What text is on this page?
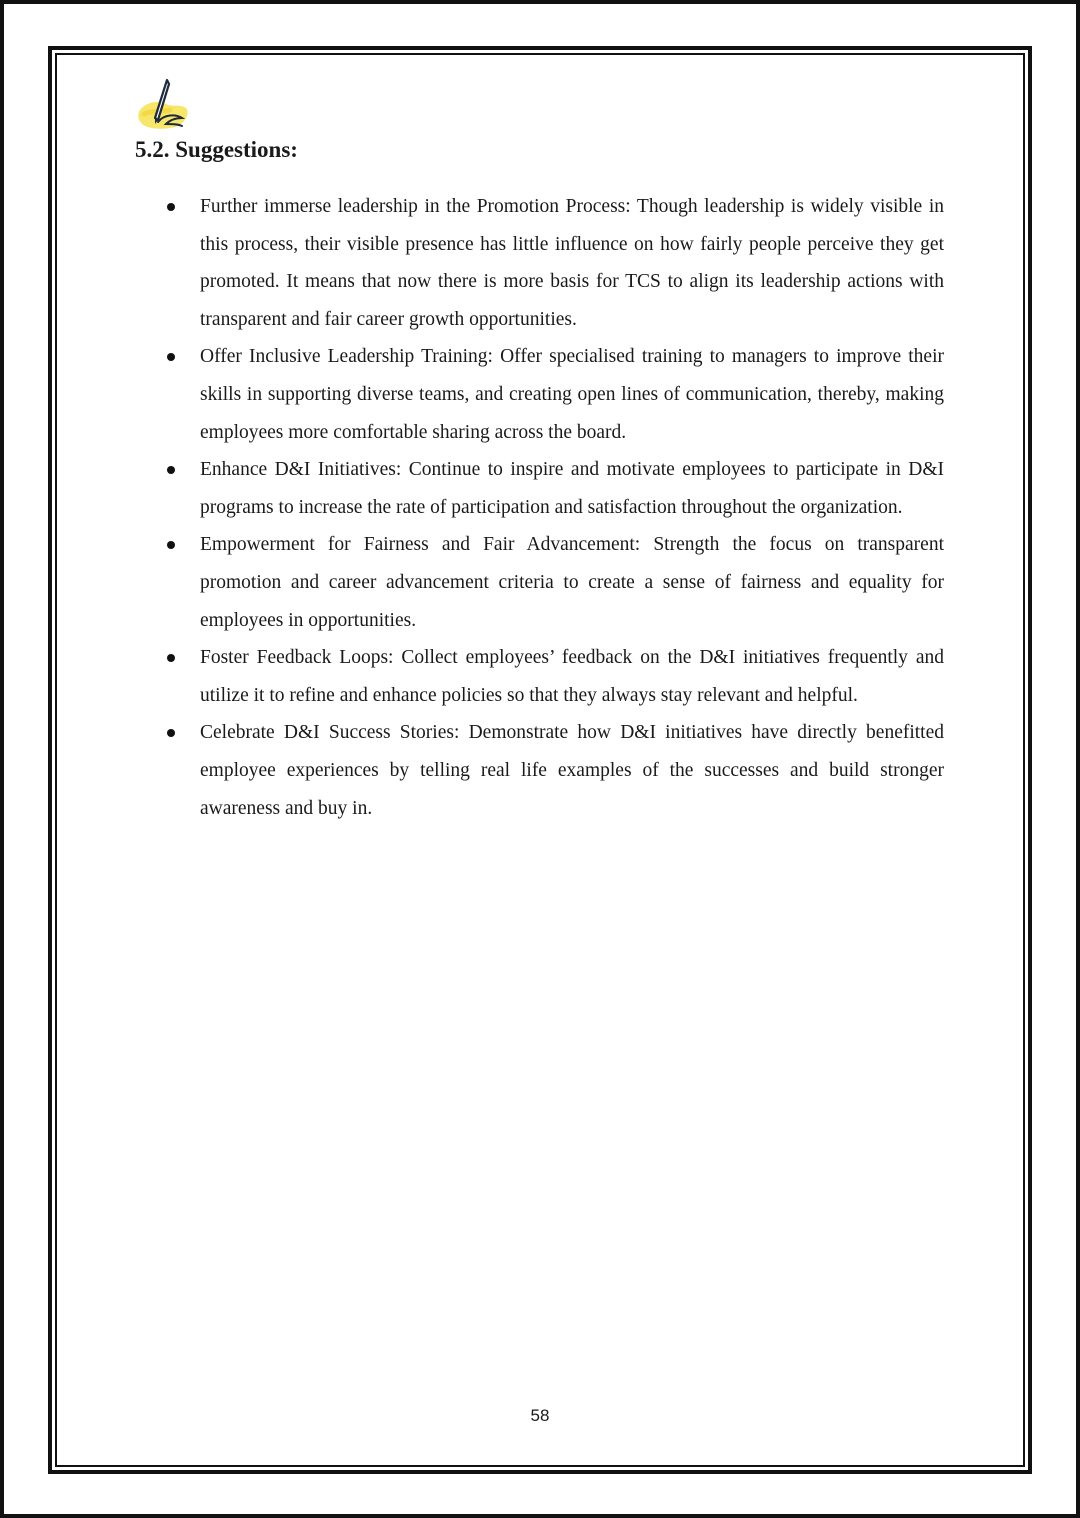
5.2. Suggestions:
Further immerse leadership in the Promotion Process: Though leadership is widely visible in this process, their visible presence has little influence on how fairly people perceive they get promoted. It means that now there is more basis for TCS to align its leadership actions with transparent and fair career growth opportunities.
Offer Inclusive Leadership Training: Offer specialised training to managers to improve their skills in supporting diverse teams, and creating open lines of communication, thereby, making employees more comfortable sharing across the board.
Enhance D&I Initiatives: Continue to inspire and motivate employees to participate in D&I programs to increase the rate of participation and satisfaction throughout the organization.
Empowerment for Fairness and Fair Advancement: Strength the focus on transparent promotion and career advancement criteria to create a sense of fairness and equality for employees in opportunities.
Foster Feedback Loops: Collect employees’ feedback on the D&I initiatives frequently and utilize it to refine and enhance policies so that they always stay relevant and helpful.
Celebrate D&I Success Stories: Demonstrate how D&I initiatives have directly benefitted employee experiences by telling real life examples of the successes and build stronger awareness and buy in.
58
